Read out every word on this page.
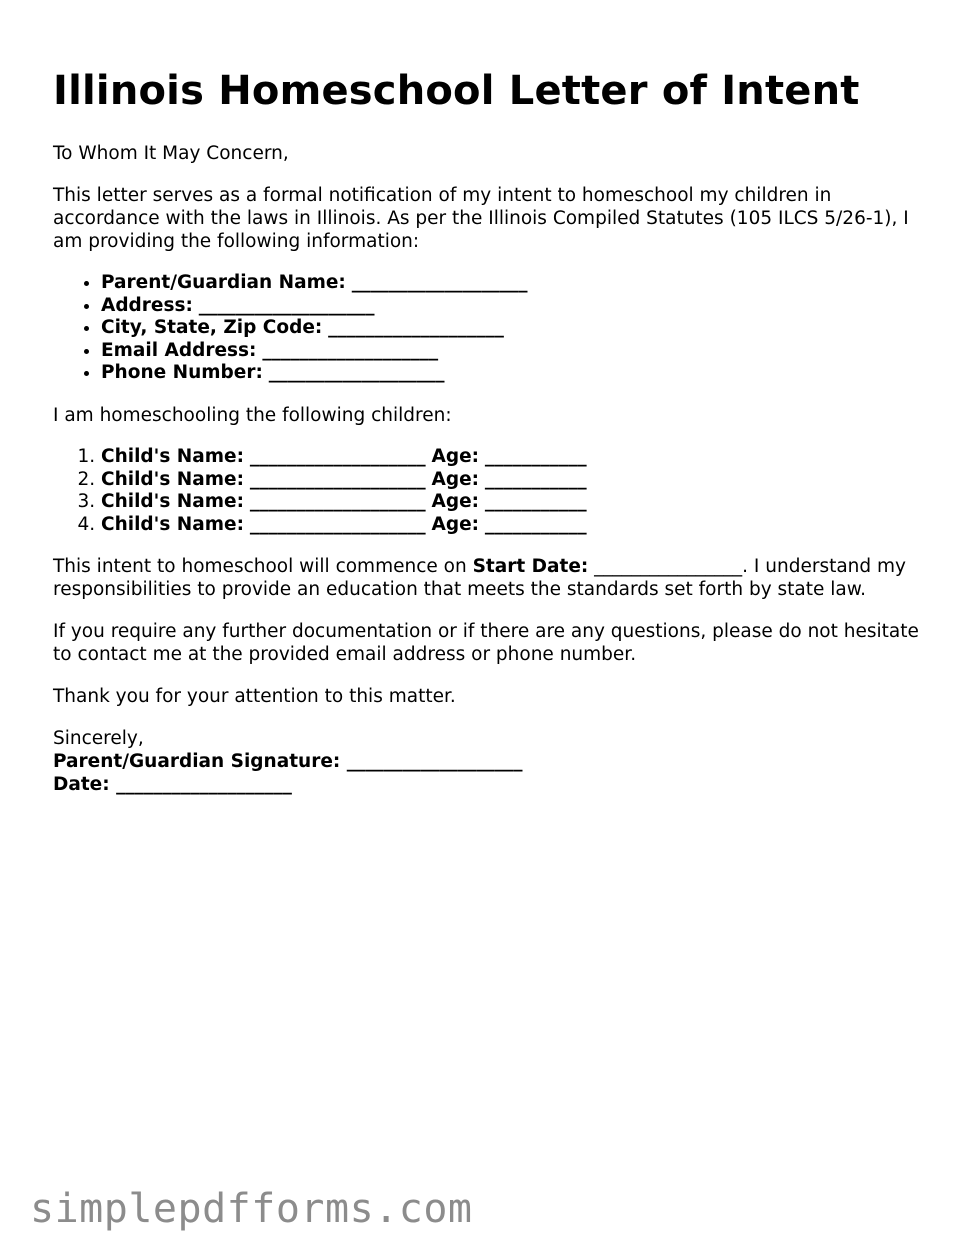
Illinois Homeschool Letter of Intent

To Whom It May Concern,

This letter serves as a formal notification of my intent to homeschool my children in accordance with the laws in Illinois. As per the Illinois Compiled Statutes (105 ILCS 5/26-1), I am providing the following information:

• Parent/Guardian Name: ___________________
• Address: ___________________
• City, State, Zip Code: ___________________
• Email Address: ___________________
• Phone Number: ___________________

I am homeschooling the following children:

1. Child's Name: ___________________ Age: ___________
2. Child's Name: ___________________ Age: ___________
3. Child's Name: ___________________ Age: ___________
4. Child's Name: ___________________ Age: ___________

This intent to homeschool will commence on Start Date: ________________. I understand my responsibilities to provide an education that meets the standards set forth by state law.

If you require any further documentation or if there are any questions, please do not hesitate to contact me at the provided email address or phone number.

Thank you for your attention to this matter.

Sincerely,
Parent/Guardian Signature: ___________________
Date: ___________________
simplepdfforms.com
